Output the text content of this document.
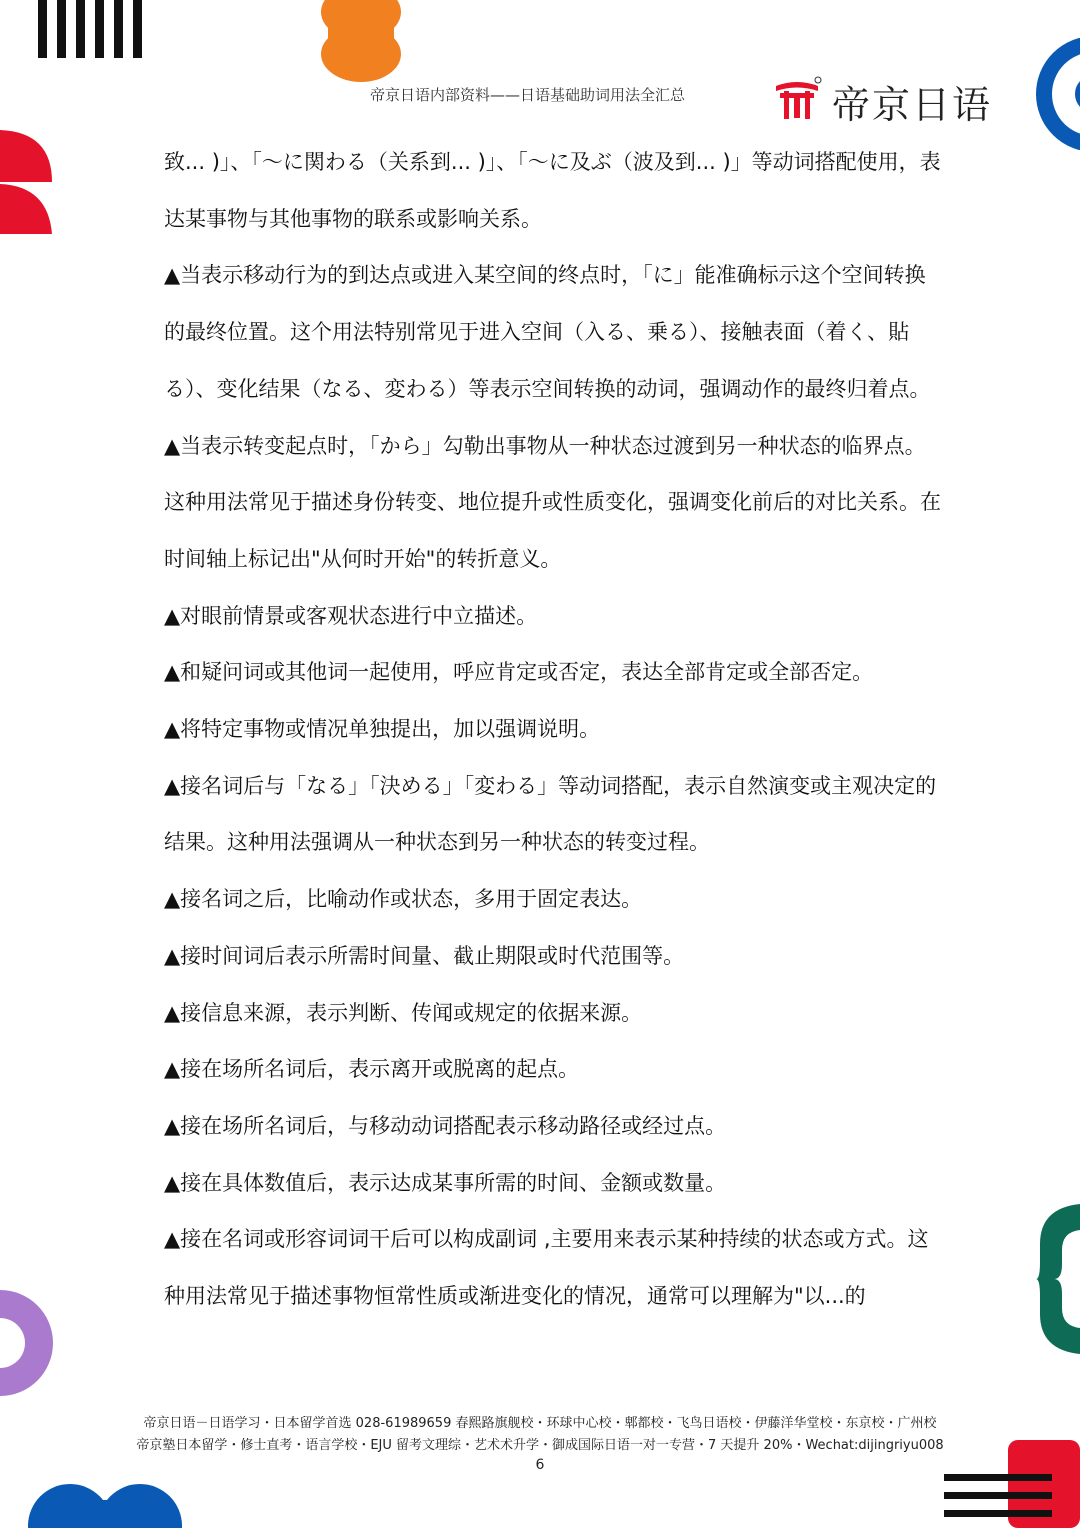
帝京日语内部资料——日语基础助词用法全汇总	帝京日语

致... )」、「～に関わる（关系到... )」、「～に及ぶ（波及到... )」等动词搭配使用，表达某事物与其他事物的联系或影响关系。

▲当表示移动行为的到达点或进入某空间的终点时，「に」能准确标示这个空间转换的最终位置。这个用法特别常见于进入空间（入る、乗る）、接触表面（着く、貼る）、变化结果（なる、変わる）等表示空间转换的动词，强调动作的最终归着点。

▲当表示转变起点时，「から」勾勒出事物从一种状态过渡到另一种状态的临界点。这种用法常见于描述身份转变、地位提升或性质变化，强调变化前后的对比关系。在时间轴上标记出"从何时开始"的转折意义。

▲对眼前情景或客观状态进行中立描述。

▲和疑问词或其他词一起使用，呼应肯定或否定，表达全部肯定或全部否定。

▲将特定事物或情况单独提出，加以强调说明。

▲接名词后与「なる」「決める」「変わる」等动词搭配，表示自然演变或主观决定的结果。这种用法强调从一种状态到另一种状态的转变过程。

▲接名词之后，比喻动作或状态，多用于固定表达。

▲接时间词后表示所需时间量、截止期限或时代范围等。

▲接信息来源，表示判断、传闻或规定的依据来源。

▲接在场所名词后，表示离开或脱离的起点。

▲接在场所名词后，与移动动词搭配表示移动路径或经过点。

▲接在具体数值后，表示达成某事所需的时间、金额或数量。

▲接在名词或形容词词干后可以构成副词 ,主要用来表示某种持续的状态或方式。这种用法常见于描述事物恒常性质或渐进变化的情况，通常可以理解为"以...的

帝京日语－日语学习・日本留学首选 028-61989659 春熙路旗舰校・环球中心校・郫都校・飞鸟日语校・伊藤洋华堂校・东京校・广州校
帝京塾日本留学・修士直考・语言学校・EJU 留考文理综・艺术术升学・御成国际日语一对一专营・7 天提升 20%・Wechat:dijingriyu008
6
